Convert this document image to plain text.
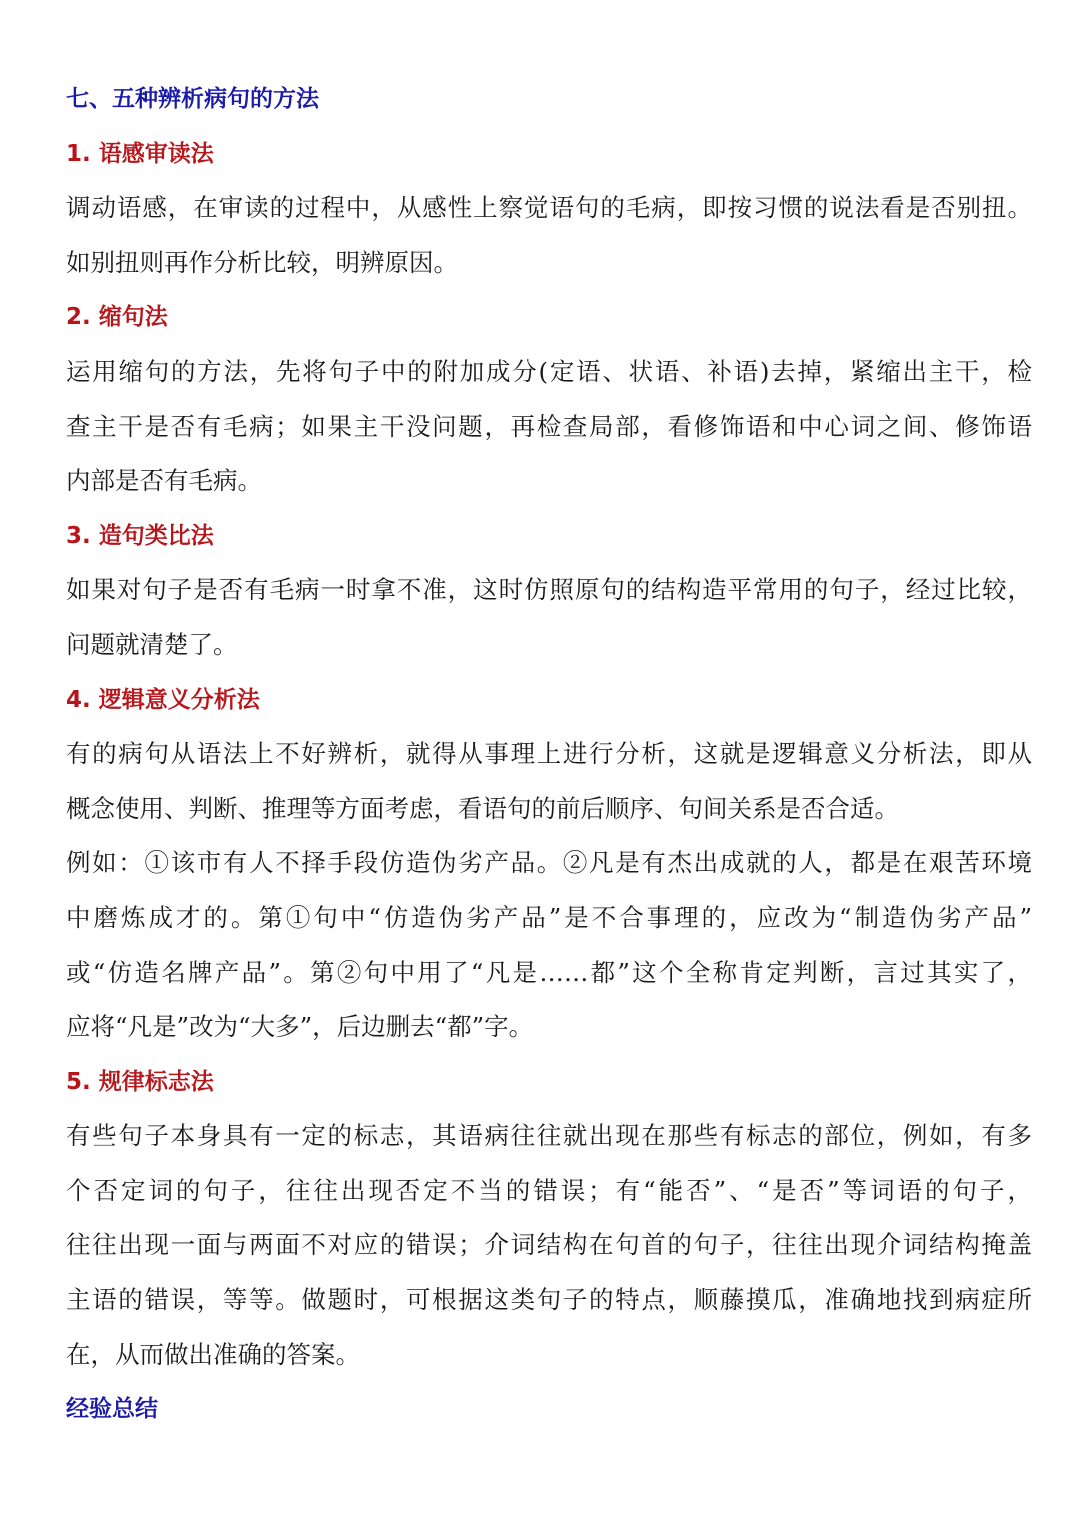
七、五种辨析病句的方法
1. 语感审读法
调动语感，在审读的过程中，从感性上察觉语句的毛病，即按习惯的说法看是否别扭。
如别扭则再作分析比较，明辨原因。
2. 缩句法
运用缩句的方法，先将句子中的附加成分(定语、状语、补语)去掉，紧缩出主干，检
查主干是否有毛病；如果主干没问题，再检查局部，看修饰语和中心词之间、修饰语
内部是否有毛病。
3. 造句类比法
如果对句子是否有毛病一时拿不准，这时仿照原句的结构造平常用的句子，经过比较，
问题就清楚了。
4. 逻辑意义分析法
有的病句从语法上不好辨析，就得从事理上进行分析，这就是逻辑意义分析法，即从
概念使用、判断、推理等方面考虑，看语句的前后顺序、句间关系是否合适。
例如：①该市有人不择手段仿造伪劣产品。②凡是有杰出成就的人，都是在艰苦环境
中磨炼成才的。第①句中“仿造伪劣产品”是不合事理的，应改为“制造伪劣产品”
或“仿造名牌产品”。第②句中用了“凡是……都”这个全称肯定判断，言过其实了，
应将“凡是”改为“大多”，后边删去“都”字。
5. 规律标志法
有些句子本身具有一定的标志，其语病往往就出现在那些有标志的部位，例如，有多
个否定词的句子，往往出现否定不当的错误；有“能否”、“是否”等词语的句子，
往往出现一面与两面不对应的错误；介词结构在句首的句子，往往出现介词结构掩盖
主语的错误，等等。做题时，可根据这类句子的特点，顺藤摸瓜，准确地找到病症所
在，从而做出准确的答案。
经验总结
